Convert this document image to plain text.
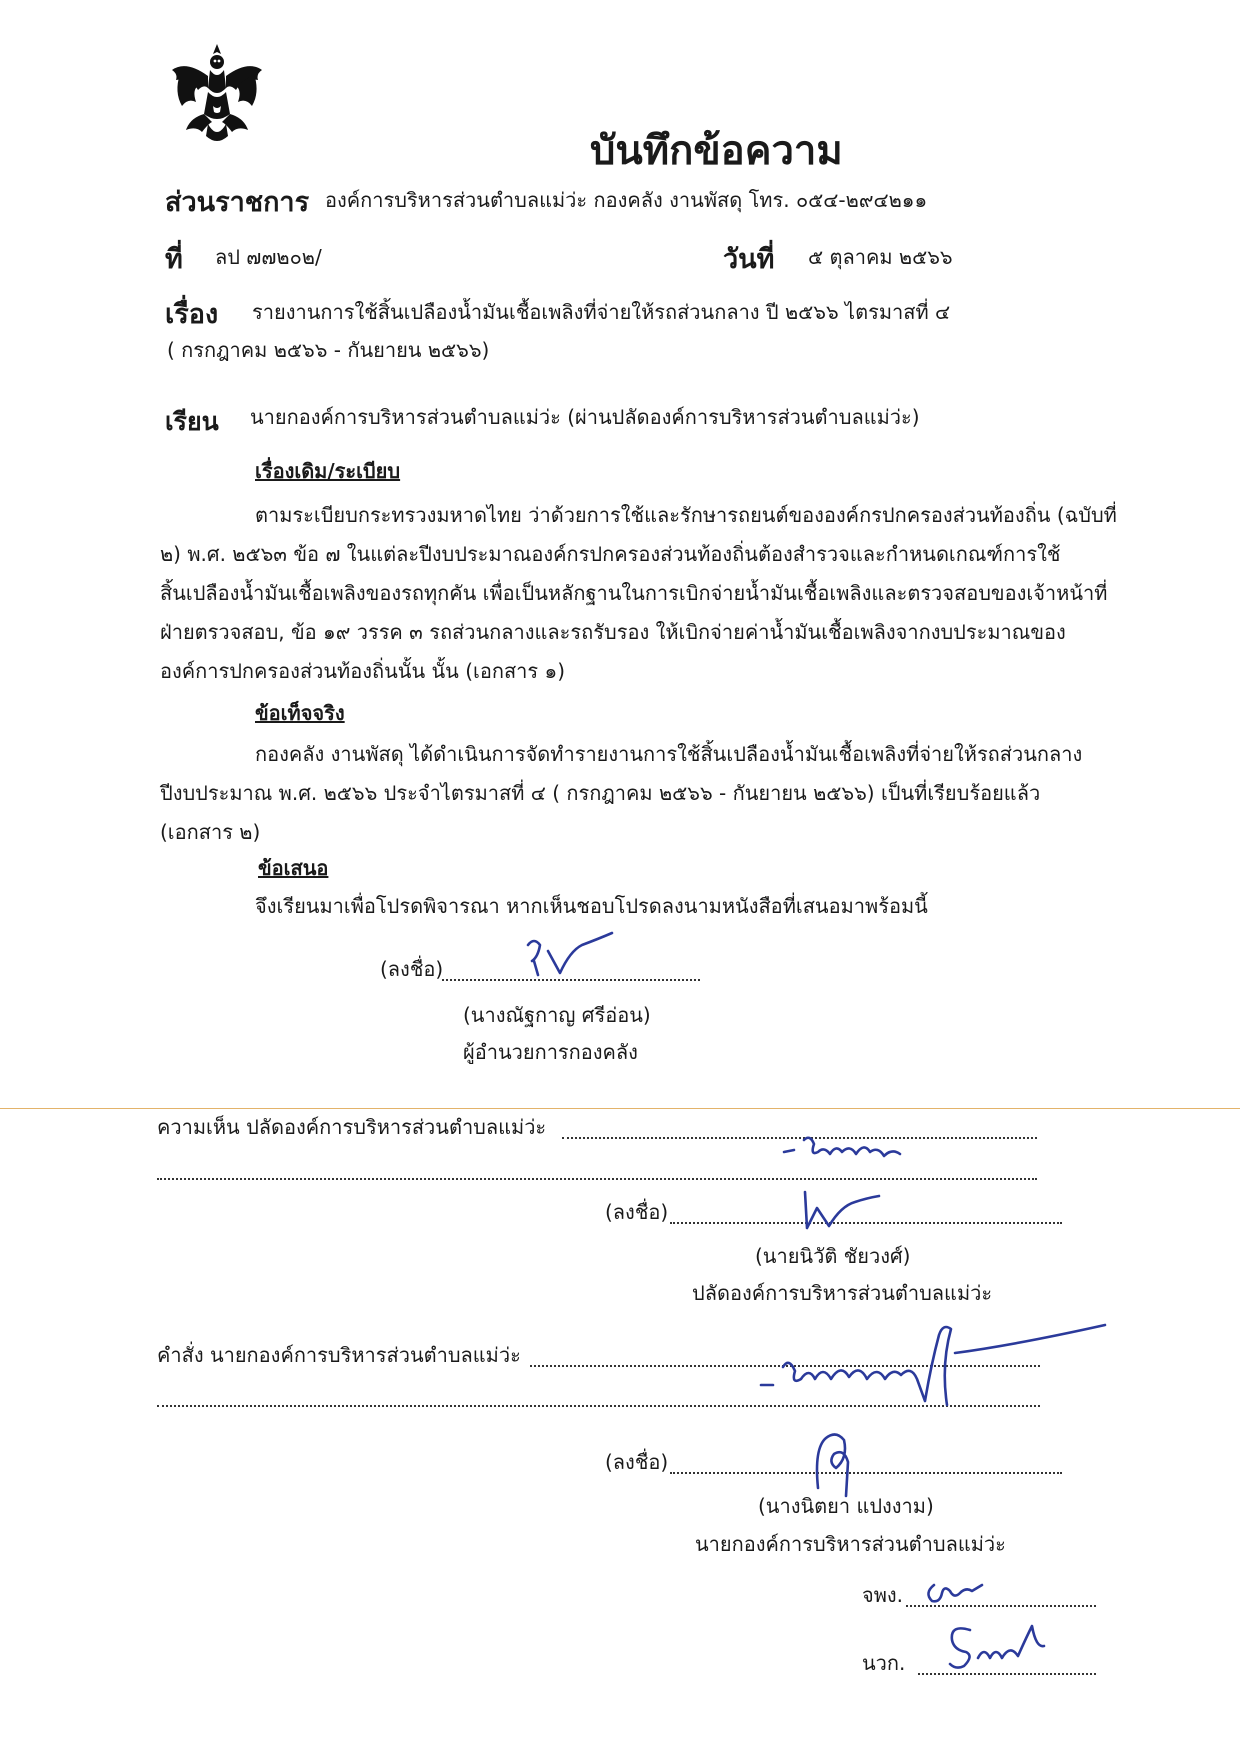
บันทึกข้อความ
ส่วนราชการ องค์การบริหารส่วนตำบลแม่ว่ะ กองคลัง งานพัสดุ โทร. ๐๕๔-๒๙๔๒๑๑
ที่ ลป ๗๗๒๐๒/	วันที่ ๕ ตุลาคม ๒๕๖๖
เรื่อง รายงานการใช้สิ้นเปลืองน้ำมันเชื้อเพลิงที่จ่ายให้รถส่วนกลาง ปี ๒๕๖๖ ไตรมาสที่ ๔
( กรกฎาคม ๒๕๖๖ - กันยายน ๒๕๖๖)
เรียน นายกองค์การบริหารส่วนตำบลแม่ว่ะ (ผ่านปลัดองค์การบริหารส่วนตำบลแม่ว่ะ)
เรื่องเดิม/ระเบียบ
ตามระเบียบกระทรวงมหาดไทย ว่าด้วยการใช้และรักษารถยนต์ขององค์กรปกครองส่วนท้องถิ่น (ฉบับที่
๒) พ.ศ. ๒๕๖๓ ข้อ ๗ ในแต่ละปีงบประมาณองค์กรปกครองส่วนท้องถิ่นต้องสำรวจและกำหนดเกณฑ์การใช้
สิ้นเปลืองน้ำมันเชื้อเพลิงของรถทุกคัน เพื่อเป็นหลักฐานในการเบิกจ่ายน้ำมันเชื้อเพลิงและตรวจสอบของเจ้าหน้าที่
ฝ่ายตรวจสอบ, ข้อ ๑๙ วรรค ๓ รถส่วนกลางและรถรับรอง ให้เบิกจ่ายค่าน้ำมันเชื้อเพลิงจากงบประมาณของ
องค์การปกครองส่วนท้องถิ่นนั้น นั้น (เอกสาร ๑)
ข้อเท็จจริง
กองคลัง งานพัสดุ ได้ดำเนินการจัดทำรายงานการใช้สิ้นเปลืองน้ำมันเชื้อเพลิงที่จ่ายให้รถส่วนกลาง
ปีงบประมาณ พ.ศ. ๒๕๖๖ ประจำไตรมาสที่ ๔ ( กรกฎาคม ๒๕๖๖ - กันยายน ๒๕๖๖) เป็นที่เรียบร้อยแล้ว
(เอกสาร ๒)
ข้อเสนอ
จึงเรียนมาเพื่อโปรดพิจารณา หากเห็นชอบโปรดลงนามหนังสือที่เสนอมาพร้อมนี้
(ลงชื่อ)
(นางณัฐกาญ ศรีอ่อน)
ผู้อำนวยการกองคลัง
ความเห็น ปลัดองค์การบริหารส่วนตำบลแม่ว่ะ
(ลงชื่อ)
(นายนิวัติ ชัยวงศ์)
ปลัดองค์การบริหารส่วนตำบลแม่ว่ะ
คำสั่ง นายกองค์การบริหารส่วนตำบลแม่ว่ะ
(ลงชื่อ)
(นางนิตยา แปงงาม)
นายกองค์การบริหารส่วนตำบลแม่ว่ะ
จพง.
นวก.
